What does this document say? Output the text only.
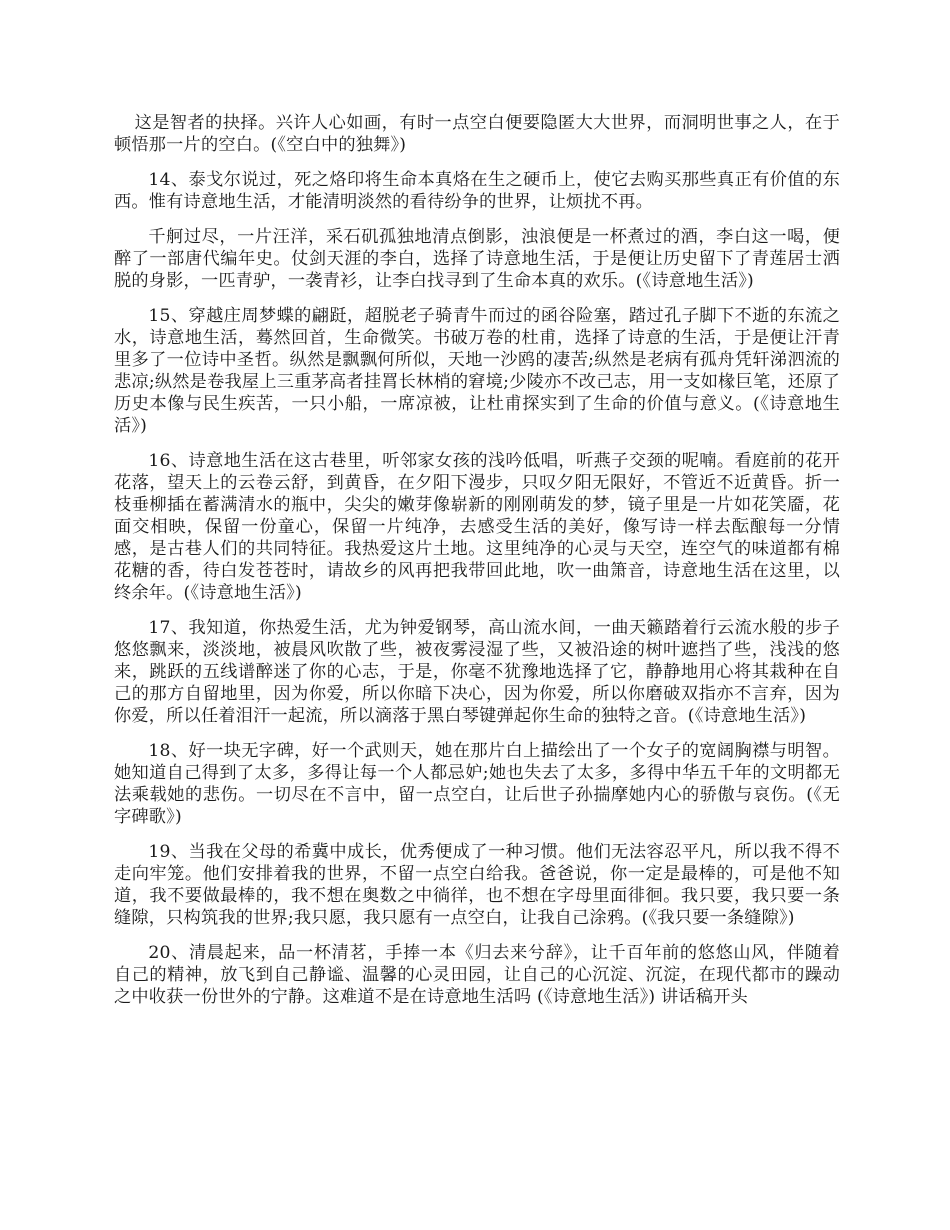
这是智者的抉择。兴许人心如画，有时一点空白便要隐匿大大世界，而洞明世事之人，在于顿悟那一片的空白。(《空白中的独舞》)

14、泰戈尔说过，死之烙印将生命本真烙在生之硬币上，使它去购买那些真正有价值的东西。惟有诗意地生活，才能清明淡然的看待纷争的世界，让烦扰不再。

千舸过尽，一片汪洋，采石矶孤独地清点倒影，浊浪便是一杯煮过的酒，李白这一喝，便醉了一部唐代编年史。仗剑天涯的李白，选择了诗意地生活，于是便让历史留下了青莲居士洒脱的身影，一匹青驴，一袭青衫，让李白找寻到了生命本真的欢乐。(《诗意地生活》)

15、穿越庄周梦蝶的翩跹，超脱老子骑青牛而过的函谷险塞，踏过孔子脚下不逝的东流之水，诗意地生活，蓦然回首，生命微笑。书破万卷的杜甫，选择了诗意的生活，于是便让汗青里多了一位诗中圣哲。纵然是飘飘何所似，天地一沙鸥的凄苦;纵然是老病有孤舟凭轩涕泗流的悲凉;纵然是卷我屋上三重茅高者挂罥长林梢的窘境;少陵亦不改己志，用一支如椽巨笔，还原了历史本像与民生疾苦，一只小船，一席凉被，让杜甫探实到了生命的价值与意义。(《诗意地生活》)

16、诗意地生活在这古巷里，听邻家女孩的浅吟低唱，听燕子交颈的呢喃。看庭前的花开花落，望天上的云卷云舒，到黄昏，在夕阳下漫步，只叹夕阳无限好，不管近不近黄昏。折一枝垂柳插在蓄满清水的瓶中，尖尖的嫩芽像崭新的刚刚萌发的梦，镜子里是一片如花笑靥，花面交相映，保留一份童心，保留一片纯净，去感受生活的美好，像写诗一样去酝酿每一分情感，是古巷人们的共同特征。我热爱这片土地。这里纯净的心灵与天空，连空气的味道都有棉花糖的香，待白发苍苍时，请故乡的风再把我带回此地，吹一曲箫音，诗意地生活在这里，以终余年。(《诗意地生活》)

17、我知道，你热爱生活，尤为钟爱钢琴，高山流水间，一曲天籁踏着行云流水般的步子悠悠飘来，淡淡地，被晨风吹散了些，被夜雾浸湿了些，又被沿途的树叶遮挡了些，浅浅的悠来，跳跃的五线谱醉迷了你的心志，于是，你毫不犹豫地选择了它，静静地用心将其栽种在自己的那方自留地里，因为你爱，所以你暗下决心，因为你爱，所以你磨破双指亦不言弃，因为你爱，所以任着泪汗一起流，所以滴落于黑白琴键弹起你生命的独特之音。(《诗意地生活》)

18、好一块无字碑，好一个武则天，她在那片白上描绘出了一个女子的宽阔胸襟与明智。她知道自己得到了太多，多得让每一个人都忌妒;她也失去了太多，多得中华五千年的文明都无法乘载她的悲伤。一切尽在不言中，留一点空白，让后世子孙揣摩她内心的骄傲与哀伤。(《无字碑歌》)

19、当我在父母的希冀中成长，优秀便成了一种习惯。他们无法容忍平凡，所以我不得不走向牢笼。他们安排着我的世界，不留一点空白给我。爸爸说，你一定是最棒的，可是他不知道，我不要做最棒的，我不想在奥数之中徜徉，也不想在字母里面徘徊。我只要，我只要一条缝隙，只构筑我的世界;我只愿，我只愿有一点空白，让我自己涂鸦。(《我只要一条缝隙》)

20、清晨起来，品一杯清茗，手捧一本《归去来兮辞》，让千百年前的悠悠山风，伴随着自己的精神，放飞到自己静谧、温馨的心灵田园，让自己的心沉淀、沉淀，在现代都市的躁动之中收获一份世外的宁静。这难道不是在诗意地生活吗 (《诗意地生活》) 讲话稿开头
